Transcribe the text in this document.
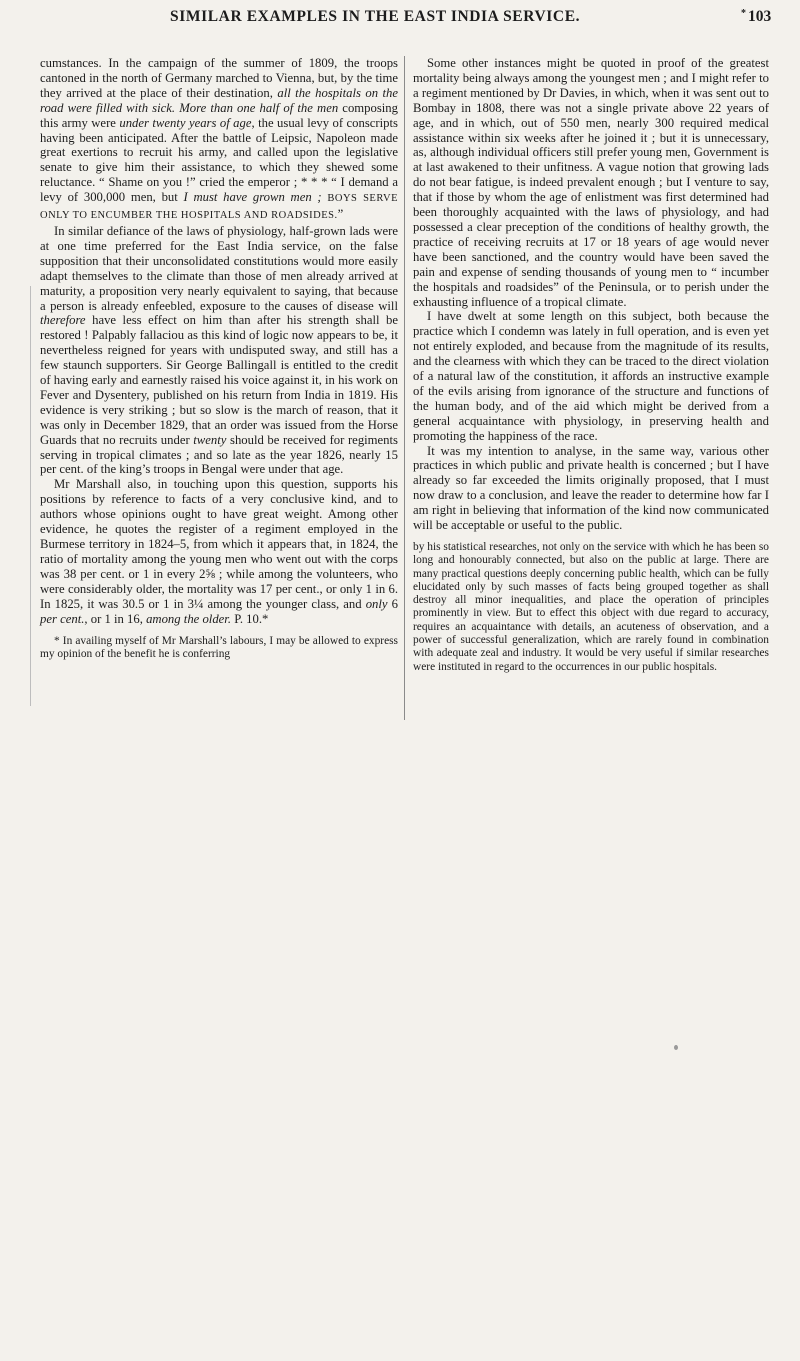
SIMILAR EXAMPLES IN THE EAST INDIA SERVICE.	* 103

cumstances. In the campaign of the summer of 1809, the troops cantoned in the north of Germany marched to Vienna, but, by the time they arrived at the place of their destination, all the hospitals on the road were filled with sick. More than one half of the men composing this army were under twenty years of age, the usual levy of conscripts having been anticipated. After the battle of Leipsic, Napoleon made great exertions to recruit his army, and called upon the legislative senate to give him their assistance, to which they shewed some reluctance. “ Shame on you !” cried the emperor ; * * * “ I demand a levy of 300,000 men, but I must have grown men ; BOYS SERVE ONLY TO ENCUMBER THE HOSPITALS AND ROADSIDES.”

In similar defiance of the laws of physiology, half-grown lads were at one time preferred for the East India service, on the false supposition that their unconsolidated constitutions would more easily adapt themselves to the climate than those of men already arrived at maturity, a proposition very nearly equivalent to saying, that because a person is already enfeebled, exposure to the causes of disease will therefore have less effect on him than after his strength shall be restored ! Palpably fallaciou as this kind of logic now appears to be, it nevertheless reigned for years with undisputed sway, and still has a few staunch supporters. Sir George Ballingall is entitled to the credit of having early and earnestly raised his voice against it, in his work on Fever and Dysentery, published on his return from India in 1819. His evidence is very striking ; but so slow is the march of reason, that it was only in December 1829, that an order was issued from the Horse Guards that no recruits under twenty should be received for regiments serving in tropical climates ; and so late as the year 1826, nearly 15 per cent. of the king’s troops in Bengal were under that age.

Mr Marshall also, in touching upon this question, supports his positions by reference to facts of a very conclusive kind, and to authors whose opinions ought to have great weight. Among other evidence, he quotes the register of a regiment employed in the Burmese territory in 1824–5, from which it appears that, in 1824, the ratio of mortality among the young men who went out with the corps was 38 per cent. or 1 in every 2⅝ ; while among the volunteers, who were considerably older, the mortality was 17 per cent., or only 1 in 6. In 1825, it was 30.5 or 1 in 3¼ among the younger class, and only 6 per cent., or 1 in 16, among the older. P. 10.*

* In availing myself of Mr Marshall’s labours, I may be allowed to express my opinion of the benefit he is conferring

Some other instances might be quoted in proof of the greatest mortality being always among the youngest men ; and I might refer to a regiment mentioned by Dr Davies, in which, when it was sent out to Bombay in 1808, there was not a single private above 22 years of age, and in which, out of 550 men, nearly 300 required medical assistance within six weeks after he joined it ; but it is unnecessary, as, although individual officers still prefer young men, Government is at last awakened to their unfitness. A vague notion that growing lads do not bear fatigue, is indeed prevalent enough ; but I venture to say, that if those by whom the age of enlistment was first determined had been thoroughly acquainted with the laws of physiology, and had possessed a clear preception of the conditions of healthy growth, the practice of receiving recruits at 17 or 18 years of age would never have been sanctioned, and the country would have been saved the pain and expense of sending thousands of young men to “ incumber the hospitals and roadsides” of the Peninsula, or to perish under the exhausting influence of a tropical climate.

I have dwelt at some length on this subject, both because the practice which I condemn was lately in full operation, and is even yet not entirely exploded, and because from the magnitude of its results, and the clearness with which they can be traced to the direct violation of a natural law of the constitution, it affords an instructive example of the evils arising from ignorance of the structure and functions of the human body, and of the aid which might be derived from a general acquaintance with physiology, in preserving health and promoting the happiness of the race.

It was my intention to analyse, in the same way, various other practices in which public and private health is concerned ; but I have already so far exceeded the limits originally proposed, that I must now draw to a conclusion, and leave the reader to determine how far I am right in believing that information of the kind now communicated will be acceptable or useful to the public.

by his statistical researches, not only on the service with which he has been so long and honourably connected, but also on the public at large. There are many practical questions deeply concerning public health, which can be fully elucidated only by such masses of facts being grouped together as shall destroy all minor inequalities, and place the operation of principles prominently in view. But to effect this object with due regard to accuracy, requires an acquaintance with details, an acuteness of observation, and a power of successful generalization, which are rarely found in combination with adequate zeal and industry. It would be very useful if similar researches were instituted in regard to the occurrences in our public hospitals.
